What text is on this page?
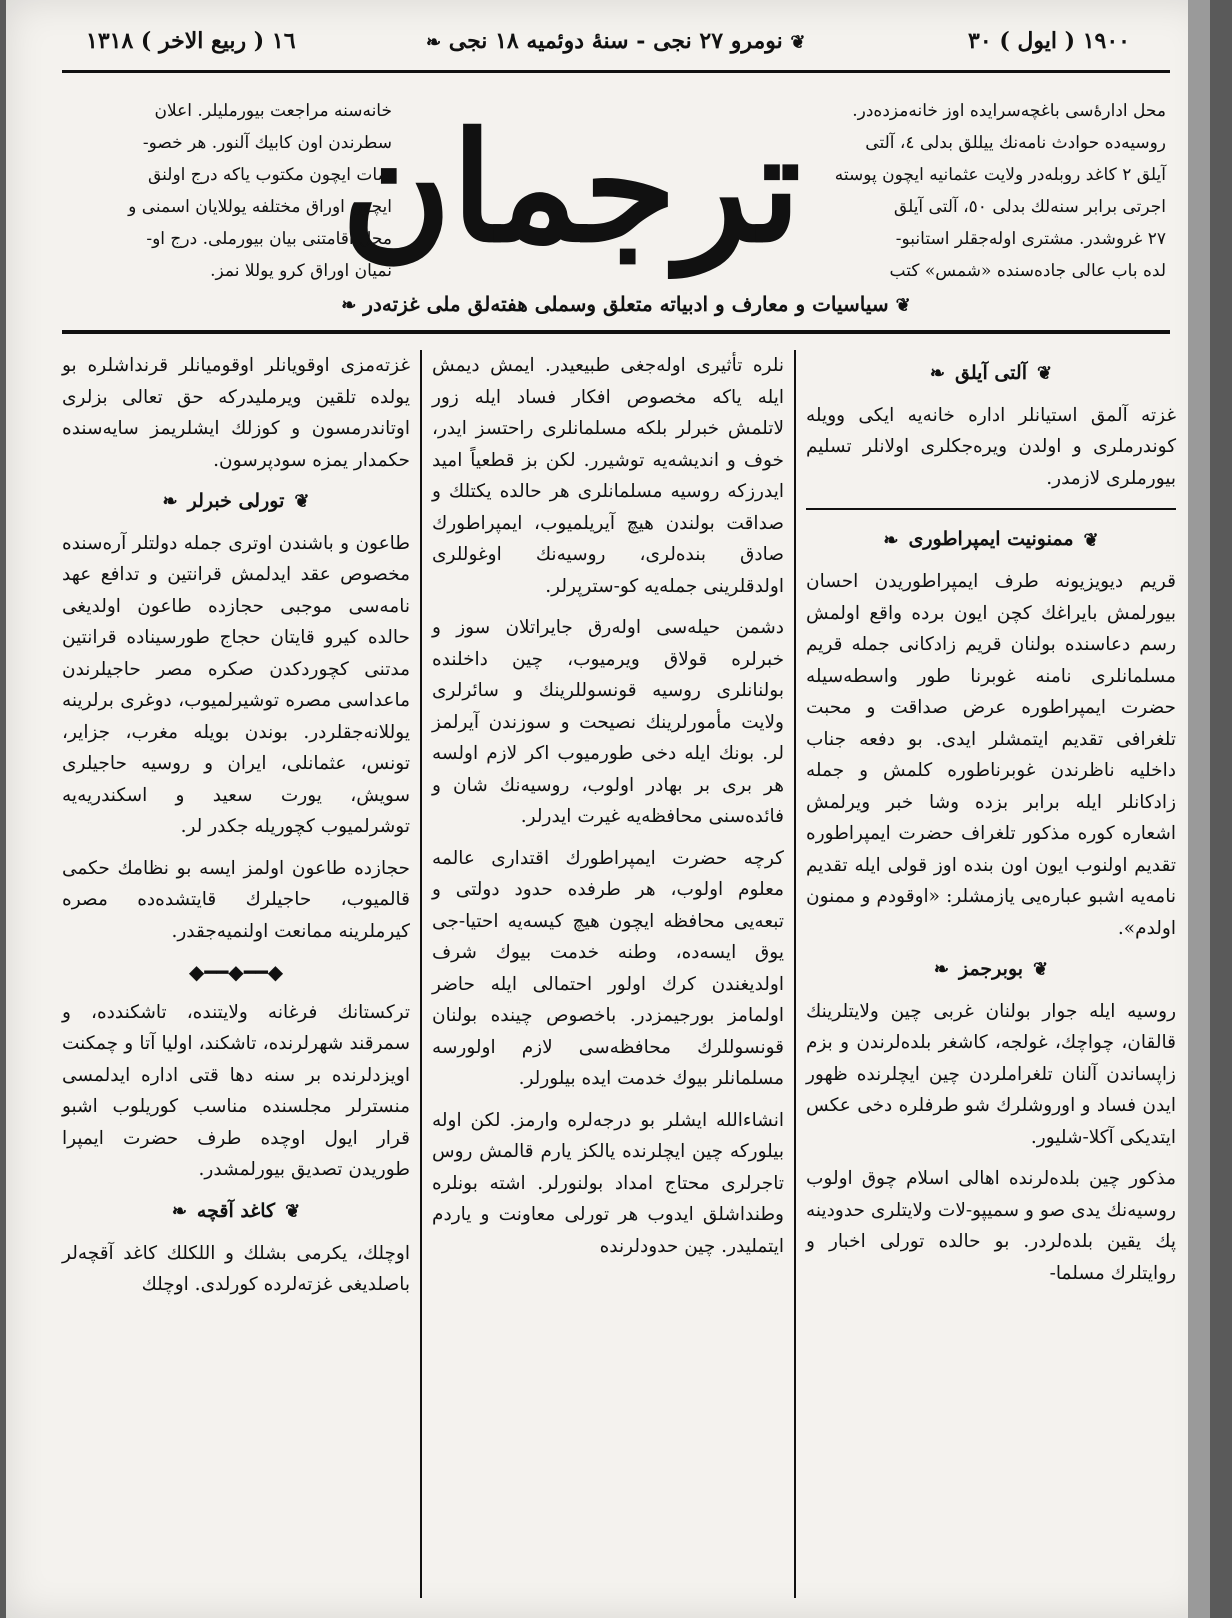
١٦ ( ربيع الاخر ) ١٣١٨	❦ نومرو ٢٧ نجى - سنۀ دوئميه ١٨ نجى ❧	١٩٠٠ ( ايول ) ٣٠

محل ادارۀسى باغچه‌سرايده اوز خانه‌مزده‌در.

روسيه‌ده حوادث نامه‌نك ييللق بدلى ٤، آلتى

آيلق ٢ كاغد روبله‌در ولايت عثمانيه ايچون پوسته

اجرتى برابر سنه‌لك بدلى ٥٠، آلتى آيلق

٢٧ غروشدر. مشترى اوله‌جقلر استانبو-

لده باب عالى جاده‌سنده «شمس» كتب

ترجمان

خانه‌سنه مراجعت بيورمليلر. اعلان

سطرندن اون كابيك آلنور. هر خصو-

صات ايچون مكتوب ياكه درج اولنق

ايچون اوراق مختلفه يوللايان اسمنى و

محل اقامتنى بيان بيورملى. درج او-

نميان اوراق كرو يوللا نمز.

❦ سياسيات و معارف و ادبياته متعلق وسملى هفته‌لق ملى غزته‌در ❧
❦آلتى آيلق❧

غزته آلمق استيانلر اداره خانه‌يه ايكى وويله كوندرملرى و اولدن ويرەجكلرى اولانلر تسليم بيورملرى لازمدر.

❦ممنونيت ايمپراطورى❧

قريم ديويزيونه طرف ايمپراطوريدن احسان بيورلمش بايراغك كچن ايون برده واقع اولمش رسم دعاسنده بولنان قريم زادكانى جمله قريم مسلمانلرى نامنه غوبرنا طور واسطه‌سيله حضرت ايمپراطوره عرض صداقت و محبت تلغرافى تقديم ايتمشلر ايدى. بو دفعه جناب داخليه ناظرندن غوبرناطوره كلمش و جمله زادكانلر ايله برابر بزده وشا خبر ويرلمش اشعاره كوره مذكور تلغراف حضرت ايمپراطوره تقديم اولنوب ايون اون بنده اوز قولى ايله تقديم نامه‌يه اشبو عباره‌يى يازمشلر: «اوقودم و ممنون اولدم».

❦بوبرجمز❧

روسيه ايله جوار بولنان غربى چين ولايتلرينك قالقان، چواچك، غولجه، كاشغر بلده‌لرندن و بزم زاپساندن آلنان تلغراملردن چين ايچلرنده ظهور ايدن فساد و اوروشلرك شو طرفلره دخى عكس ايتديكى آكلا-شليور.

مذكور چين بلده‌لرنده اهالى اسلام چوق اولوب روسيه‌نك يدى صو و سميپو-لات ولايتلرى حدودينه پك يقين بلده‌لردر. بو حالده تورلى اخبار و روايتلرك مسلما-

نلره تأثيرى اوله‌جغى طبيعيدر. ايمش ديمش ايله ياكه مخصوص افكار فساد ايله زور لاتلمش خبرلر بلكه مسلمانلرى راحتسز ايدر، خوف و انديشه‌يه توشيرر. لكن بز قطعياً اميد ايدرزكه روسيه مسلمانلرى هر حالده يكتلك و صداقت بولندن هيچ آيريلميوب، ايمپراطورك صادق بنده‌لرى، روسيه‌نك اوغوللرى اولدقلرينى جمله‌يه كو-سترپرلر.

دشمن حيله‌سى اوله‌رق جايراتلان سوز و خبرلره قولاق ويرميوب، چين داخلنده بولنانلرى روسيه قونسوللرينك و سائرلرى ولايت مأمورلرينك نصيحت و سوزندن آيرلمز لر. بونك ايله دخى طورميوب اكر لازم اولسه هر برى بر بهادر اولوب، روسيه‌نك شان و فائده‌سنى محافظه‌يه غيرت ايدرلر.

كرچه حضرت ايمپراطورك اقتدارى عالمه معلوم اولوب، هر طرفده حدود دولتى و تبعه‌يى محافظه ايچون هيچ كيسه‌يه احتيا-جى يوق ايسه‌ده، وطنه خدمت بيوك شرف اولديغندن كرك اولور احتمالى ايله حاضر اولمامز بورجيمزدر. باخصوص چينده بولنان قونسوللرك محافظه‌سى لازم اولورسه مسلمانلر بيوك خدمت ايده بيلورلر.

انشاءالله ايشلر بو درجه‌لره وارمز. لكن اوله بيلوركه چين ايچلرنده يالكز يارم قالمش روس تاجرلرى محتاج امداد بولنورلر. اشته بونلره وطنداشلق ايدوب هر تورلى معاونت و ياردم ايتمليدر. چين حدودلرنده

غزته‌مزى اوقويانلر اوقوميانلر قرنداشلره بو يولده تلقين ويرمليدركه حق تعالى بزلرى اوتاندرمسون و كوزلك ايشلريمز سايه‌سنده حكمدار يمزه سودپرسون.

❦تورلى خبرلر❧

طاعون و باشندن اوترى جمله دولتلر آره‌سنده مخصوص عقد ايدلمش قرانتين و تدافع عهد نامه‌سى موجبى حجازده طاعون اولديغى حالده كيرو قايتان حجاج طورسيناده قرانتين مدتنى كچوردكدن صكره مصر حاجيلرندن ماعداسى مصره توشيرلميوب، دوغرى برلرينه يوللانه‌جقلردر. بوندن بويله مغرب، جزاير، تونس، عثمانلى، ايران و روسيه حاجيلرى سويش، يورت سعيد و اسكندريه‌يه توشرلميوب كچوريله جكدر لر.

حجازده طاعون اولمز ايسه بو نظامك حكمى قالميوب، حاجيلرك قايتشده‌ده مصره كيرملرينه ممانعت اولنميه‌جقدر.

◆━━◆━━◆

تركستانك فرغانه ولايتنده، تاشكندده، و سمرقند شهرلرنده، تاشكند، اوليا آتا و چمكنت اويزدلرنده بر سنه دها قتى اداره ايدلمسى منسترلر مجلسنده مناسب كوريلوب اشبو قرار ايول اوچده طرف حضرت ايمپرا طوريدن تصديق بيورلمشدر.

❦كاغد آقچه❧

اوچلك، يكرمى بشلك و اللكلك كاغد آقچه‌لر باصلديغى غزته‌لرده كورلدى. اوچلك
